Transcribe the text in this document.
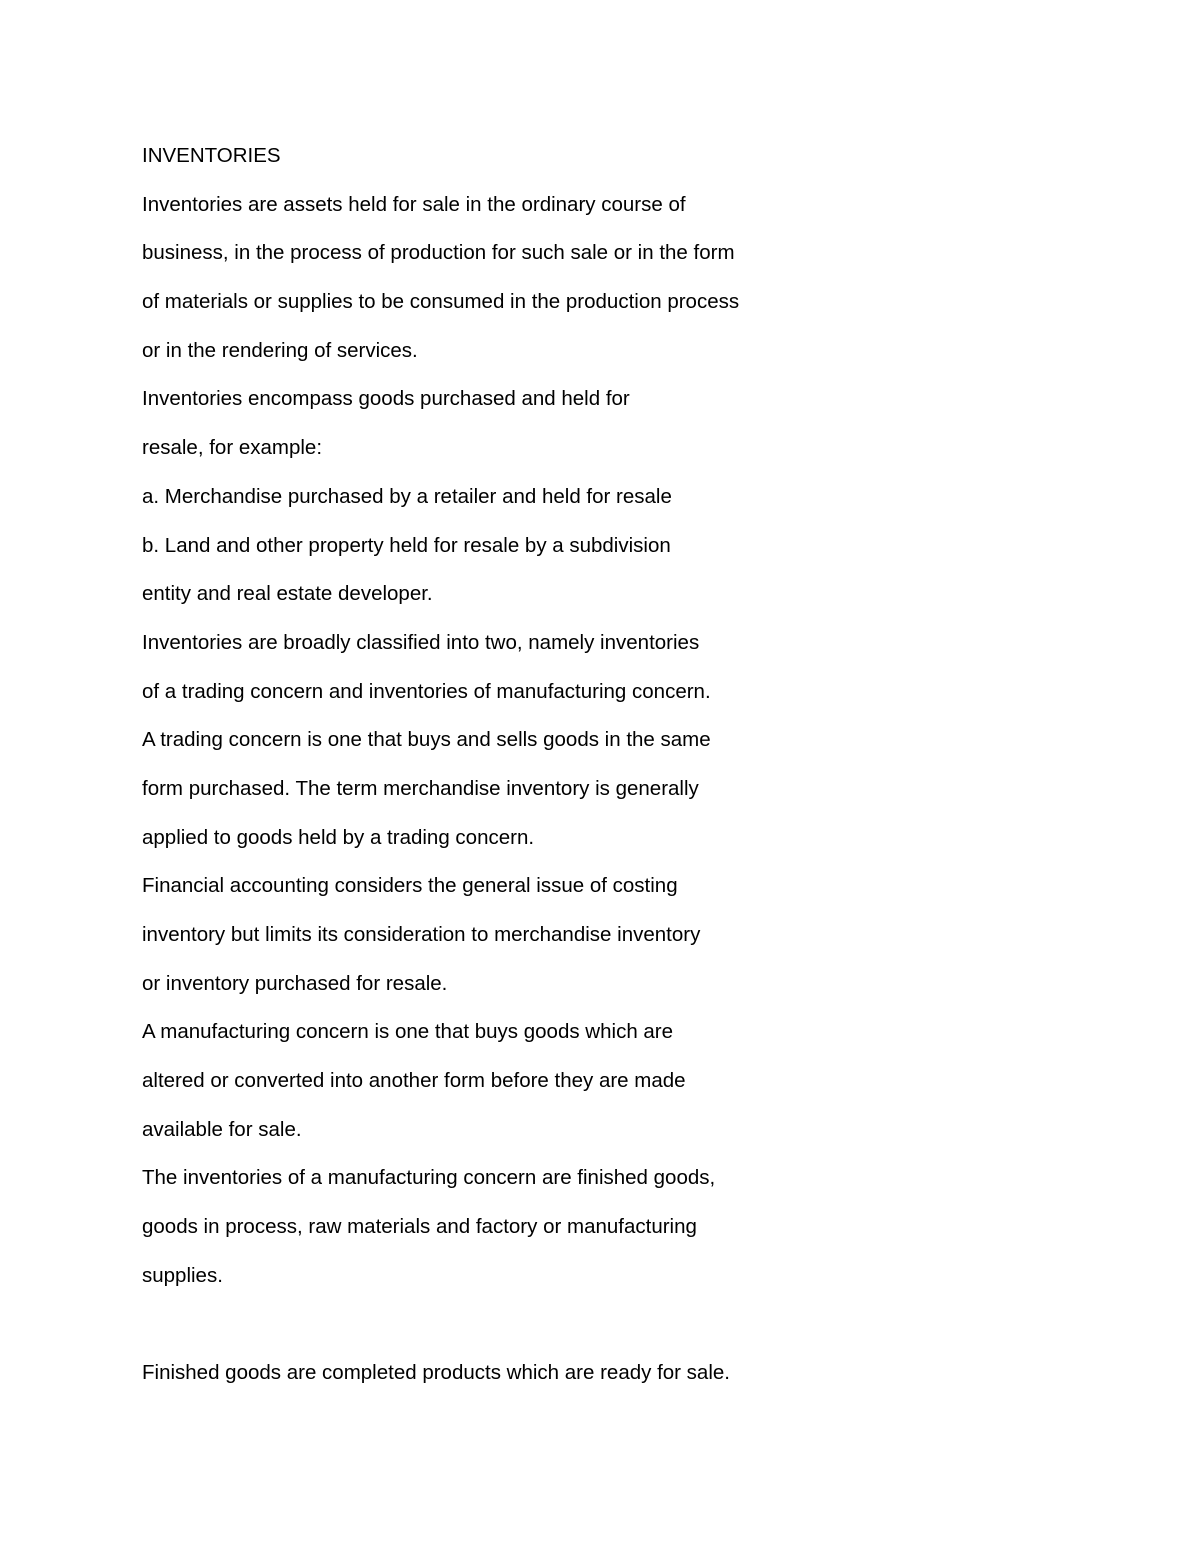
INVENTORIES
Inventories are assets held for sale in the ordinary course of
business, in the process of production for such sale or in the form
of materials or supplies to be consumed in the production process
or in the rendering of services.
Inventories encompass goods purchased and held for
resale, for example:
a. Merchandise purchased by a retailer and held for resale
b. Land and other property held for resale by a subdivision
entity and real estate developer.
Inventories are broadly classified into two, namely inventories
of a trading concern and inventories of manufacturing concern.
A trading concern is one that buys and sells goods in the same
form purchased. The term merchandise inventory is generally
applied to goods held by a trading concern.
Financial accounting considers the general issue of costing
inventory but limits its consideration to merchandise inventory
or inventory purchased for resale.
A manufacturing concern is one that buys goods which are
altered or converted into another form before they are made
available for sale.
The inventories of a manufacturing concern are finished goods,
goods in process, raw materials and factory or manufacturing
supplies.
Finished goods are completed products which are ready for sale.
